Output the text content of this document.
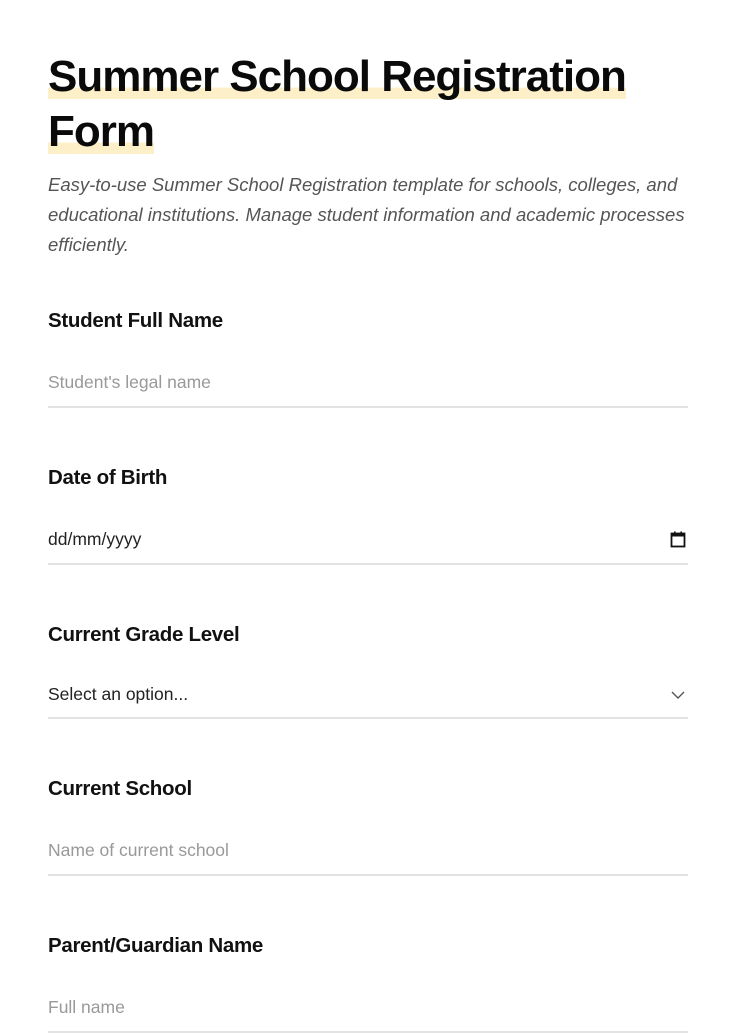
Summer School Registration Form

Easy-to-use Summer School Registration template for schools, colleges, and educational institutions. Manage student information and academic processes efficiently.

Student Full Name
Student's legal name
Date of Birth
dd/mm/yyyy
Current Grade Level
Select an option...
Current School
Name of current school
Parent/Guardian Name
Full name
